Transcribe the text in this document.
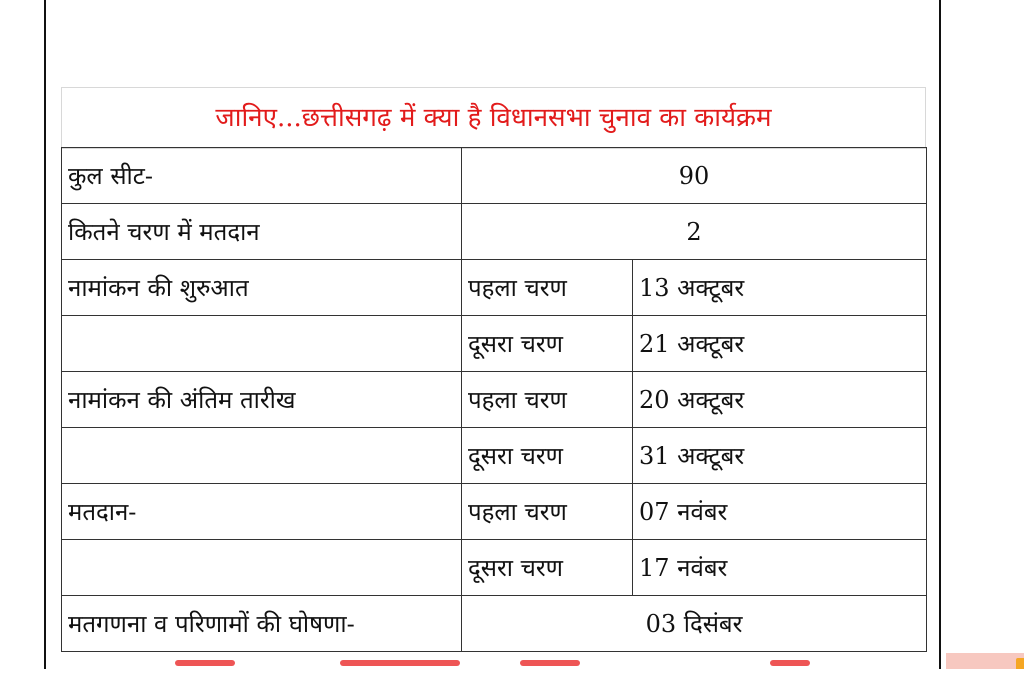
जानिए...छत्तीसगढ़ में क्या है विधानसभा चुनाव का कार्यक्रम
कुल सीट-	90	
कितने चरण में मतदान	2	
नामांकन की शुरुआत	पहला चरण	13 अक्टूबर
	दूसरा चरण	21 अक्टूबर
नामांकन की अंतिम तारीख	पहला चरण	20 अक्टूबर
	दूसरा चरण	31 अक्टूबर
मतदान-	पहला चरण	07 नवंबर
	दूसरा चरण	17 नवंबर
मतगणना व परिणामों की घोषणा-	03 दिसंबर	
